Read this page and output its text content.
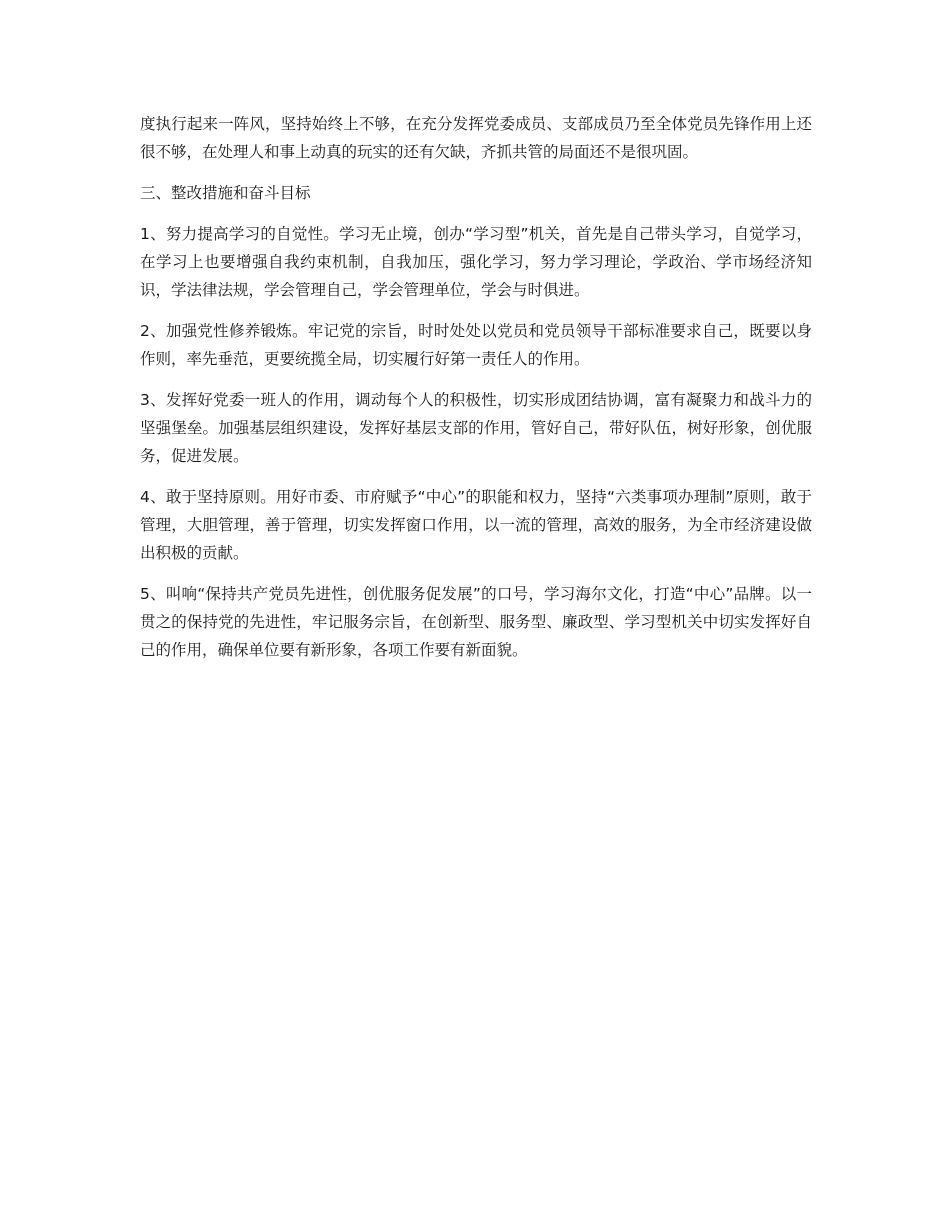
度执行起来一阵风，坚持始终上不够，在充分发挥党委成员、支部成员乃至全体党员先锋作用上还很不够，在处理人和事上动真的玩实的还有欠缺，齐抓共管的局面还不是很巩固。

三、整改措施和奋斗目标

1、努力提高学习的自觉性。学习无止境，创办“学习型”机关，首先是自己带头学习，自觉学习，在学习上也要增强自我约束机制，自我加压，强化学习，努力学习理论，学政治、学市场经济知识，学法律法规，学会管理自己，学会管理单位，学会与时俱进。

2、加强党性修养锻炼。牢记党的宗旨，时时处处以党员和党员领导干部标准要求自己，既要以身作则，率先垂范，更要统揽全局，切实履行好第一责任人的作用。

3、发挥好党委一班人的作用，调动每个人的积极性，切实形成团结协调，富有凝聚力和战斗力的坚强堡垒。加强基层组织建设，发挥好基层支部的作用，管好自己，带好队伍，树好形象，创优服务，促进发展。

4、敢于坚持原则。用好市委、市府赋予“中心”的职能和权力，坚持“六类事项办理制”原则，敢于管理，大胆管理，善于管理，切实发挥窗口作用，以一流的管理，高效的服务，为全市经济建设做出积极的贡献。

5、叫响“保持共产党员先进性，创优服务促发展”的口号，学习海尔文化，打造“中心”品牌。以一贯之的保持党的先进性，牢记服务宗旨，在创新型、服务型、廉政型、学习型机关中切实发挥好自己的作用，确保单位要有新形象，各项工作要有新面貌。
